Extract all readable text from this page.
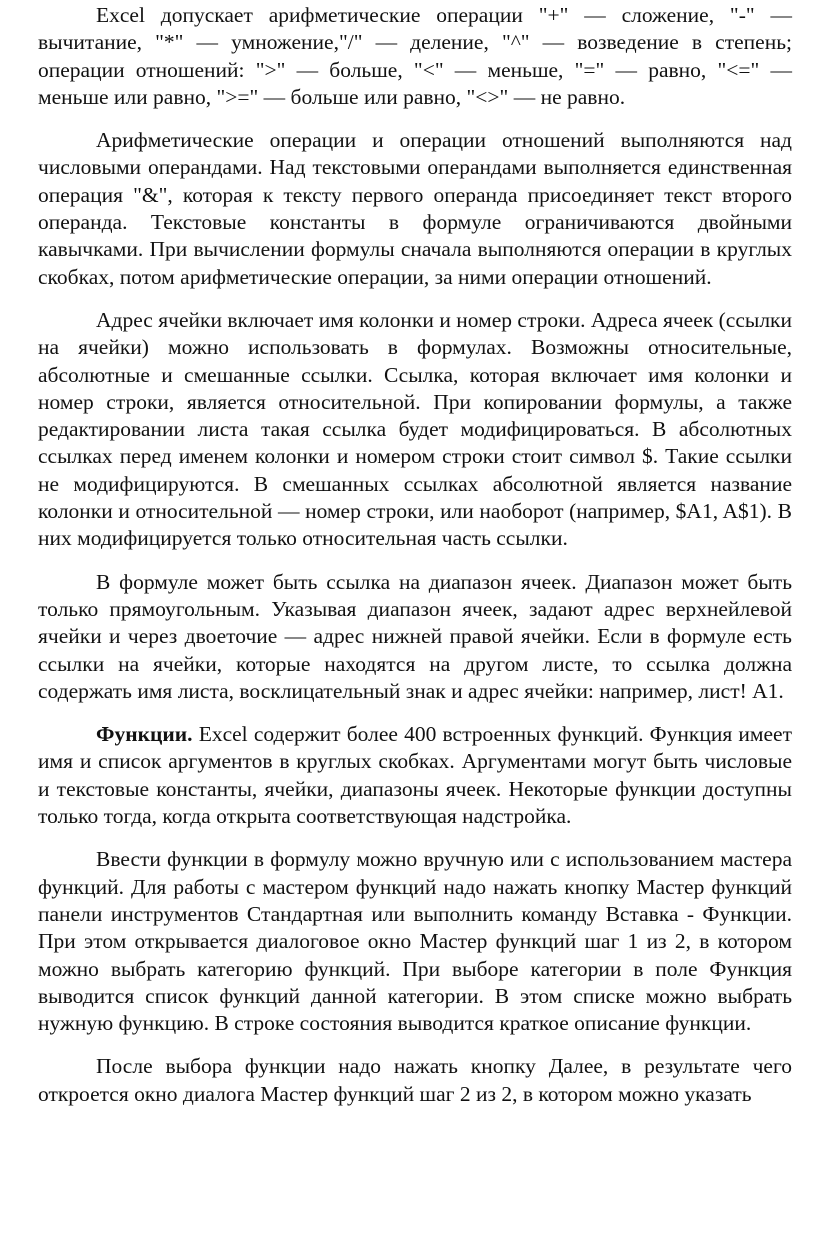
Excel допускает арифметические операции "+" — сложение, "-" — вычитание, "*" — умножение,"/" — деление, "^" — возведение в степень; операции отношений: ">" — больше, "<" — меньше, "=" — равно, "<=" — меньше или равно, ">=" — больше или равно, "<>" — не равно.

Арифметические операции и операции отношений выполняются над числовыми операндами. Над текстовыми операндами выполняется единственная операция "&", которая к тексту первого операнда присоединяет текст второго операнда. Текстовые константы в формуле ограничиваются двойными кавычками. При вычислении формулы сначала выполняются операции в круглых скобках, потом арифметические операции, за ними операции отношений.

Адрес ячейки включает имя колонки и номер строки. Адреса ячеек (ссылки на ячейки) можно использовать в формулах. Возможны относительные, абсолютные и смешанные ссылки. Ссылка, которая включает имя колонки и номер строки, является относительной. При копировании формулы, а также редактировании листа такая ссылка будет модифицироваться. В абсолютных ссылках перед именем колонки и номером строки стоит символ $. Такие ссылки не модифицируются. В смешанных ссылках абсолютной является название колонки и относительной — номер строки, или наоборот (например, $A1, A$1). В них модифицируется только относительная часть ссылки.

В формуле может быть ссылка на диапазон ячеек. Диапазон может быть только прямоугольным. Указывая диапазон ячеек, задают адрес верхнейлевой ячейки и через двоеточие — адрес нижней правой ячейки. Если в формуле есть ссылки на ячейки, которые находятся на другом листе, то ссылка должна содержать имя листа, восклицательный знак и адрес ячейки: например, лист! A1.

Функции. Excel содержит более 400 встроенных функций. Функция имеет имя и список аргументов в круглых скобках. Аргументами могут быть числовые и текстовые константы, ячейки, диапазоны ячеек. Некоторые функции доступны только тогда, когда открыта соответствующая надстройка.

Ввести функции в формулу можно вручную или с использованием мастера функций. Для работы с мастером функций надо нажать кнопку Мастер функций панели инструментов Стандартная или выполнить команду Вставка - Функции. При этом открывается диалоговое окно Мастер функций шаг 1 из 2, в котором можно выбрать категорию функций. При выборе категории в поле Функция выводится список функций данной категории. В этом списке можно выбрать нужную функцию. В строке состояния выводится краткое описание функции.

После выбора функции надо нажать кнопку Далее, в результате чего откроется окно диалога Мастер функций шаг 2 из 2, в котором можно указать
